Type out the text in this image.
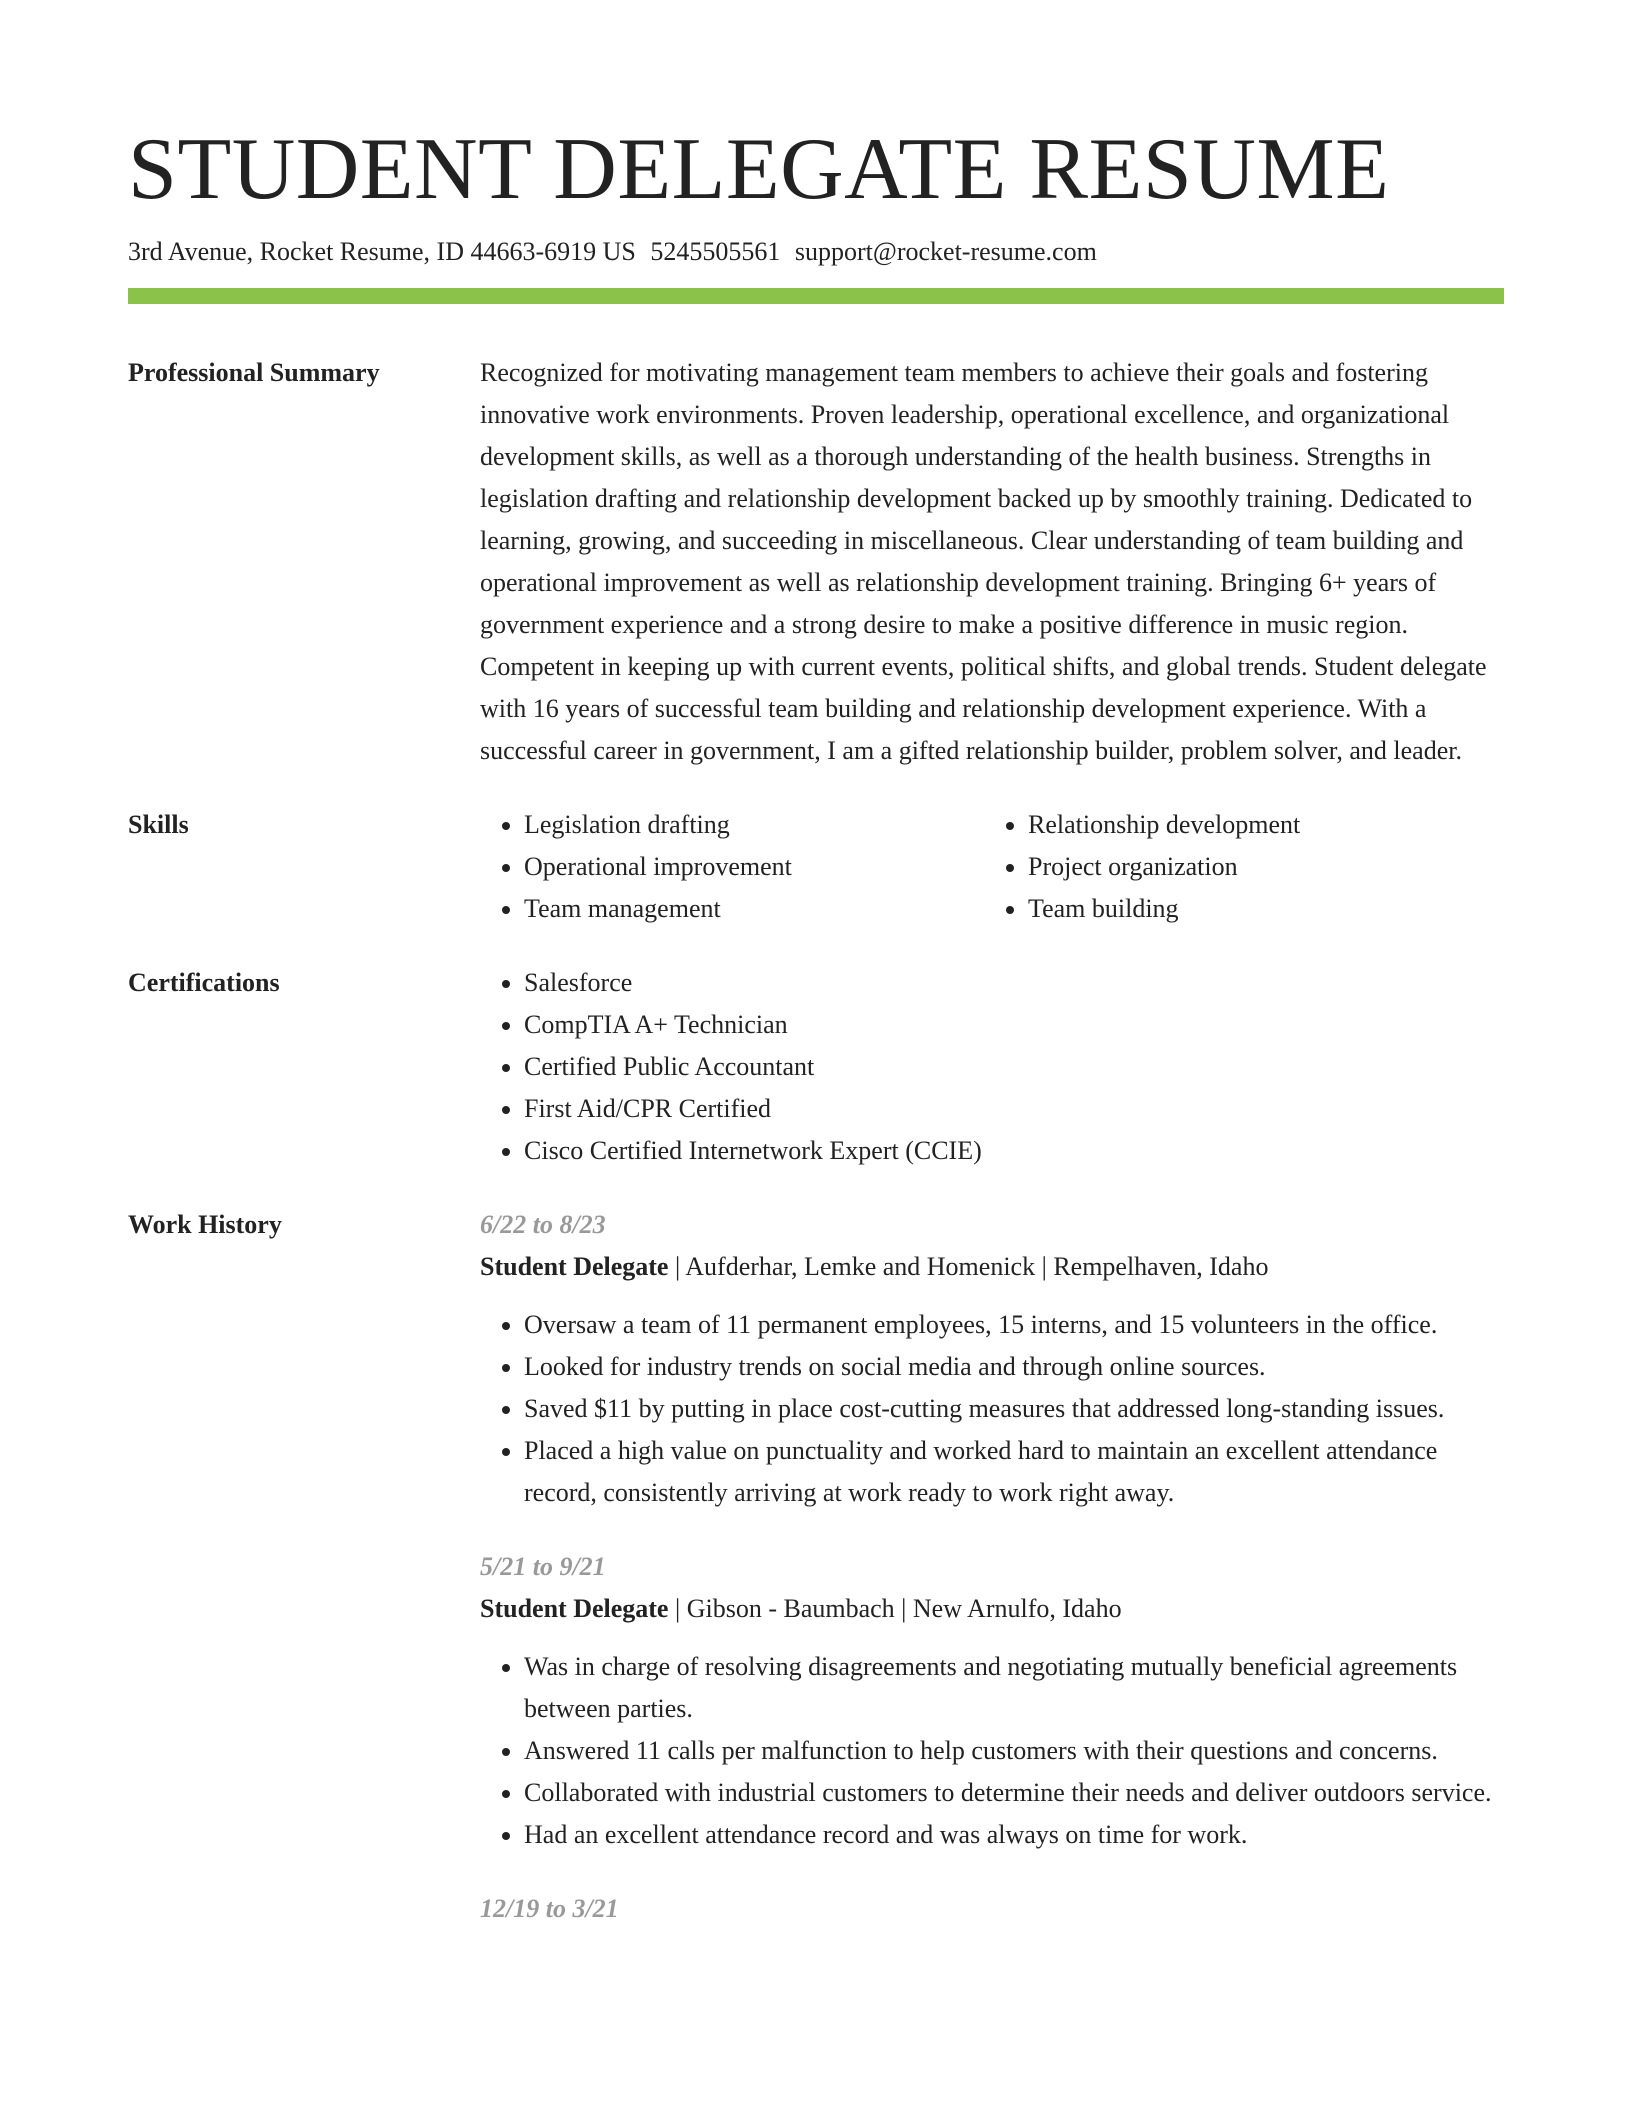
STUDENT DELEGATE RESUME
3rd Avenue, Rocket Resume, ID 44663-6919 US 5245505561 support@rocket-resume.com
Professional Summary	Recognized for motivating management team members to achieve their goals and fostering innovative work environments. Proven leadership, operational excellence, and organizational development skills, as well as a thorough understanding of the health business. Strengths in legislation drafting and relationship development backed up by smoothly training. Dedicated to learning, growing, and succeeding in miscellaneous. Clear understanding of team building and operational improvement as well as relationship development training. Bringing 6+ years of government experience and a strong desire to make a positive difference in music region. Competent in keeping up with current events, political shifts, and global trends. Student delegate with 16 years of successful team building and relationship development experience. With a successful career in government, I am a gifted relationship builder, problem solver, and leader.

Skills	• Legislation drafting
• Operational improvement
• Team management
• Relationship development
• Project organization
• Team building
Certifications	• Salesforce
• CompTIA A+ Technician
• Certified Public Accountant
• First Aid/CPR Certified
• Cisco Certified Internetwork Expert (CCIE)
Work History	6/22 to 8/23
Student Delegate | Aufderhar, Lemke and Homenick | Rempelhaven, Idaho
• Oversaw a team of 11 permanent employees, 15 interns, and 15 volunteers in the office.
• Looked for industry trends on social media and through online sources.
• Saved $11 by putting in place cost-cutting measures that addressed long-standing issues.
• Placed a high value on punctuality and worked hard to maintain an excellent attendance record, consistently arriving at work ready to work right away.
5/21 to 9/21
Student Delegate | Gibson - Baumbach | New Arnulfo, Idaho
• Was in charge of resolving disagreements and negotiating mutually beneficial agreements between parties.
• Answered 11 calls per malfunction to help customers with their questions and concerns.
• Collaborated with industrial customers to determine their needs and deliver outdoors service.
• Had an excellent attendance record and was always on time for work.
12/19 to 3/21
